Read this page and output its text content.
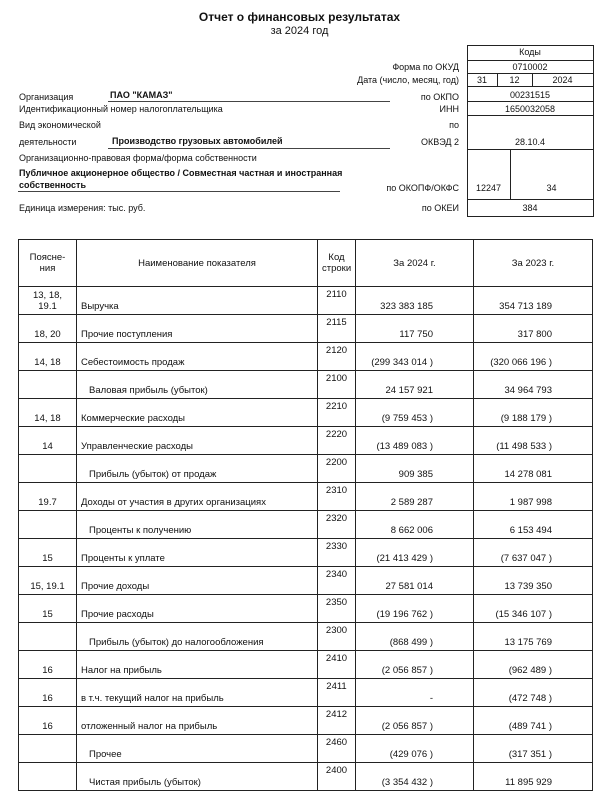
Отчет о финансовых результатах
за 2024 год
Коды
Форма по ОКУД	0710002
Дата (число, месяц, год)	31	12	2024
Организация	ПАО "КАМАЗ"	по ОКПО	00231515
Идентификационный номер налогоплательщика	ИНН	1650032058
Вид экономической	по
деятельности	Производство грузовых автомобилей	ОКВЭД 2	28.10.4
Организационно-правовая форма/форма собственности
Публичное акционерное общество / Совместная частная и иностранная
собственность	по ОКОПФ/ОКФС	12247	34
Единица измерения: тыс. руб.	по ОКЕИ	384
Поясне-
ния	Наименование показателя	Код
строки	За 2024 г.	За 2023 г.
13, 18, 19.1	Выручка	2110	323 383 185	354 713 189
18, 20	Прочие поступления	2115	117 750	317 800
14, 18	Себестоимость продаж	2120	(299 343 014 )	(320 066 196 )
	Валовая прибыль (убыток)	2100	24 157 921	34 964 793
14, 18	Коммерческие расходы	2210	(9 759 453 )	(9 188 179 )
14	Управленческие расходы	2220	(13 489 083 )	(11 498 533 )
	Прибыль (убыток) от продаж	2200	909 385	14 278 081
19.7	Доходы от участия в других организациях	2310	2 589 287	1 987 998
	Проценты к получению	2320	8 662 006	6 153 494
15	Проценты к уплате	2330	(21 413 429 )	(7 637 047 )
15, 19.1	Прочие доходы	2340	27 581 014	13 739 350
15	Прочие расходы	2350	(19 196 762 )	(15 346 107 )
	Прибыль (убыток) до налогообложения	2300	(868 499 )	13 175 769
16	Налог на прибыль	2410	(2 056 857 )	(962 489 )
16	в т.ч. текущий налог на прибыль	2411	-	(472 748 )
16	отложенный налог на прибыль	2412	(2 056 857 )	(489 741 )
	Прочее	2460	(429 076 )	(317 351 )
	Чистая прибыль (убыток)	2400	(3 354 432 )	11 895 929
